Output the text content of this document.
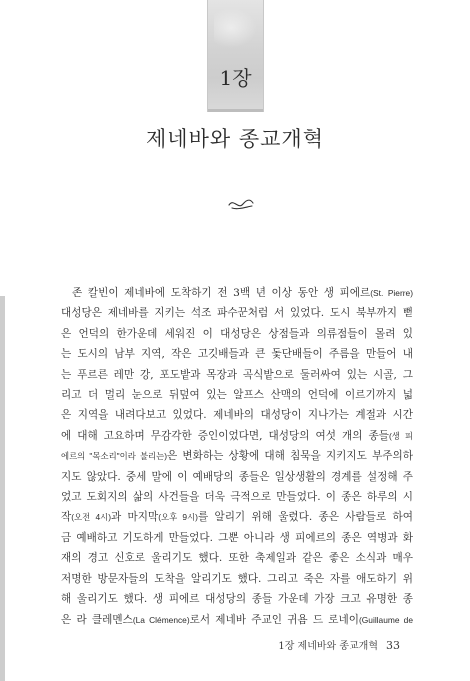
1장
제네바와 종교개혁
존 칼빈이 제네바에 도착하기 전 3백 년 이상 동안 생 피에르(St. Pierre)
대성당은 제네바를 지키는 석조 파수꾼처럼 서 있었다. 도시 북부까지 뻗
은 언덕의 한가운데 세워진 이 대성당은 상점들과 의류점들이 몰려 있
는 도시의 남부 지역, 작은 고깃배들과 큰 돛단배들이 주름을 만들어 내
는 푸르른 레만 강, 포도밭과 목장과 곡식밭으로 둘러싸여 있는 시골, 그
리고 더 멀리 눈으로 뒤덮여 있는 알프스 산맥의 언덕에 이르기까지 넓
은 지역을 내려다보고 있었다. 제네바의 대성당이 지나가는 계절과 시간
에 대해 고요하며 무감각한 증인이었다면, 대성당의 여섯 개의 종들(생 피
에르의 "목소리"이라 불리는)은 변화하는 상황에 대해 침묵을 지키지도 부주의하
지도 않았다. 중세 말에 이 예배당의 종들은 일상생활의 경계를 설정해 주
었고 도회지의 삶의 사건들을 더욱 극적으로 만들었다. 이 종은 하루의 시
작(오전 4시)과 마지막(오후 9시)를 알리기 위해 울렸다. 종은 사람들로 하여
금 예배하고 기도하게 만들었다. 그뿐 아니라 생 피에르의 종은 역병과 화
재의 경고 신호로 울리기도 했다. 또한 축제일과 같은 좋은 소식과 매우
저명한 방문자들의 도착을 알리기도 했다. 그리고 죽은 자를 애도하기 위
해 울리기도 했다. 생 피에르 대성당의 종들 가운데 가장 크고 유명한 종
은 라 클레멘스(La Clémence)로서 제네바 주교인 귀욤 드 로네이(Guillaume de
1장 제네바와 종교개혁 33
